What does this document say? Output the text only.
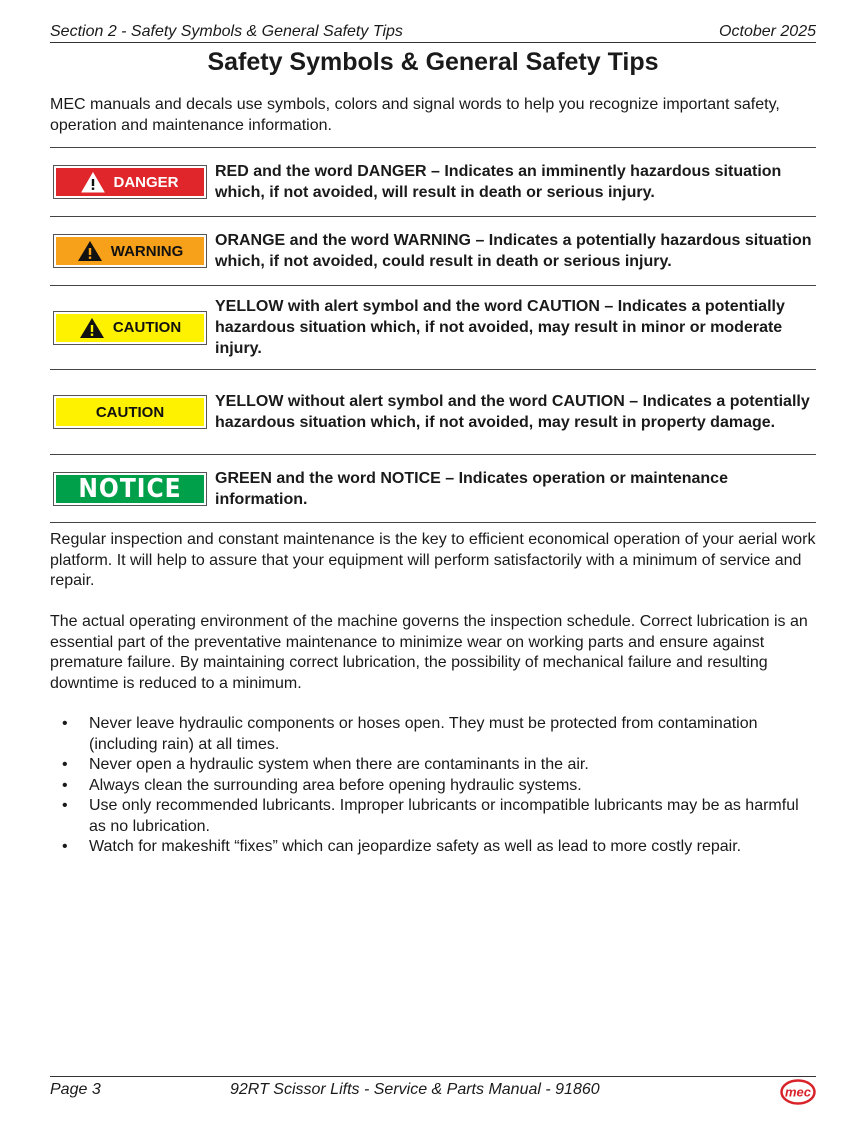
Section 2 - Safety Symbols & General Safety Tips	October 2025
Safety Symbols & General Safety Tips
MEC manuals and decals use symbols, colors and signal words to help you recognize important safety, operation and maintenance information.
DANGER
RED and the word DANGER – Indicates an imminently hazardous situation which, if not avoided, will result in death or serious injury.
WARNING
ORANGE and the word WARNING – Indicates a potentially hazardous situation which, if not avoided, could result in death or serious injury.
CAUTION
YELLOW with alert symbol and the word CAUTION – Indicates a potentially hazardous situation which, if not avoided, may result in minor or moderate injury.
CAUTION
YELLOW without alert symbol and the word CAUTION – Indicates a potentially hazardous situation which, if not avoided, may result in property damage.
NOTICE GREEN and the word NOTICE – Indicates operation or maintenance information.
Regular inspection and constant maintenance is the key to efficient economical operation of your aerial work platform. It will help to assure that your equipment will perform satisfactorily with a minimum of service and repair.
The actual operating environment of the machine governs the inspection schedule. Correct lubrication is an essential part of the preventative maintenance to minimize wear on working parts and ensure against premature failure. By maintaining correct lubrication, the possibility of mechanical failure and resulting downtime is reduced to a minimum.
• Never leave hydraulic components or hoses open. They must be protected from contamination (including rain) at all times.
• Never open a hydraulic system when there are contaminants in the air.
• Always clean the surrounding area before opening hydraulic systems.
• Use only recommended lubricants. Improper lubricants or incompatible lubricants may be as harmful as no lubrication.
• Watch for makeshift “fixes” which can jeopardize safety as well as lead to more costly repair.
Page 3	92RT Scissor Lifts - Service & Parts Manual - 91860	mec
